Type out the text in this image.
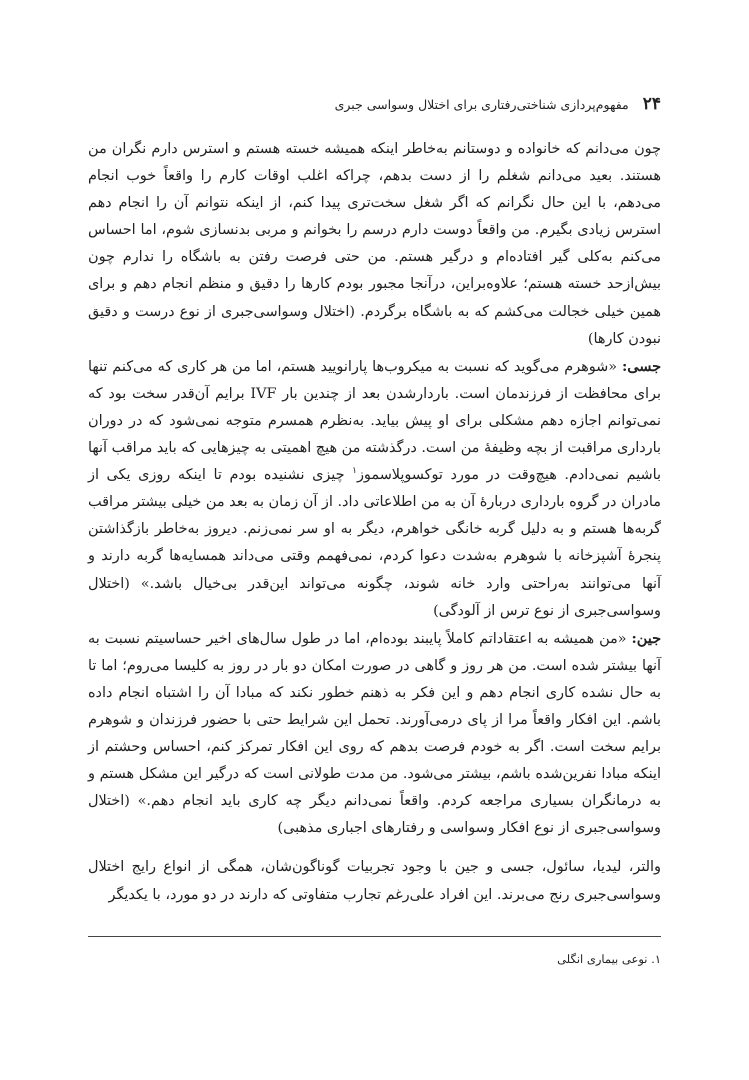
۲۴
مفهوم‌پردازی شناختی‌رفتاری برای اختلال وسواسی جبری

چون می‌دانم که خانواده و دوستانم به‌خاطر اینکه همیشه خسته هستم و استرس دارم نگران من هستند. بعید می‌دانم شغلم را از دست بدهم، چراکه اغلب اوقات کارم را واقعاً خوب انجام می‌دهم، با این حال نگرانم که اگر شغل سخت‌تری پیدا کنم، از اینکه نتوانم آن را انجام دهم استرس زیادی بگیرم. من واقعاً دوست دارم درسم را بخوانم و مربی بدنسازی شوم، اما احساس می‌کنم به‌کلی گیر افتاده‌ام و درگیر هستم. من حتی فرصت رفتن به باشگاه را ندارم چون بیش‌ازحد خسته هستم؛ علاوه‌براین، درآنجا مجبور بودم کارها را دقیق و منظم انجام دهم و برای همین خیلی خجالت می‌کشم که به باشگاه برگردم. (اختلال وسواسی‌جبری از نوع درست و دقیق نبودن کارها)

جسی: «شوهرم می‌گوید که نسبت به میکروب‌ها پارانویید هستم، اما من هر کاری که می‌کنم تنها برای محافظت از فرزندمان است. باردارشدن بعد از چندین بار IVF برایم آن‌قدر سخت بود که نمی‌توانم اجازه دهم مشکلی برای او پیش بیاید. به‌نظرم همسرم متوجه نمی‌شود که در دوران بارداری مراقبت از بچه وظیفهٔ من است. درگذشته من هیچ اهمیتی به چیزهایی که باید مراقب آنها باشیم نمی‌دادم. هیچ‌وقت در مورد توکسوپلاسموز$^۱$ چیزی نشنیده بودم تا اینکه روزی یکی از مادران در گروه بارداری دربارهٔ آن به من اطلاعاتی داد. از آن زمان به بعد من خیلی بیشتر مراقب گربه‌ها هستم و به دلیل گربه خانگی خواهرم، دیگر به او سر نمی‌زنم. دیروز به‌خاطر بازگذاشتن پنجرهٔ آشپزخانه با شوهرم به‌شدت دعوا کردم، نمی‌فهمم وقتی می‌داند همسایه‌ها گربه دارند و آنها می‌توانند به‌راحتی وارد خانه شوند، چگونه می‌تواند این‌قدر بی‌خیال باشد.» (اختلال وسواسی‌جبری از نوع ترس از آلودگی)

جین: «من همیشه به اعتقاداتم کاملاً پایبند بوده‌ام، اما در طول سال‌های اخیر حساسیتم نسبت به آنها بیشتر شده است. من هر روز و گاهی در صورت امکان دو بار در روز به کلیسا می‌روم؛ اما تا به حال نشده کاری انجام دهم و این فکر به ذهنم خطور نکند که مبادا آن را اشتباه انجام داده باشم. این افکار واقعاً مرا از پای درمی‌آورند. تحمل این شرایط حتی با حضور فرزندان و شوهرم برایم سخت است. اگر به خودم فرصت بدهم که روی این افکار تمرکز کنم، احساس وحشتم از اینکه مبادا نفرین‌شده باشم، بیشتر می‌شود. من مدت طولانی است که درگیر این مشکل هستم و به درمانگران بسیاری مراجعه کردم. واقعاً نمی‌دانم دیگر چه کاری باید انجام دهم.» (اختلال وسواسی‌جبری از نوع افکار وسواسی و رفتارهای اجباری مذهبی)

والتر، لیدیا، سائول، جسی و جین با وجود تجربیات گوناگون‌شان، همگی از انواع رایج اختلال وسواسی‌جبری رنج می‌برند. این افراد علی‌رغم تجارب متفاوتی که دارند در دو مورد، با یکدیگر

۱. نوعی بیماری انگلی
